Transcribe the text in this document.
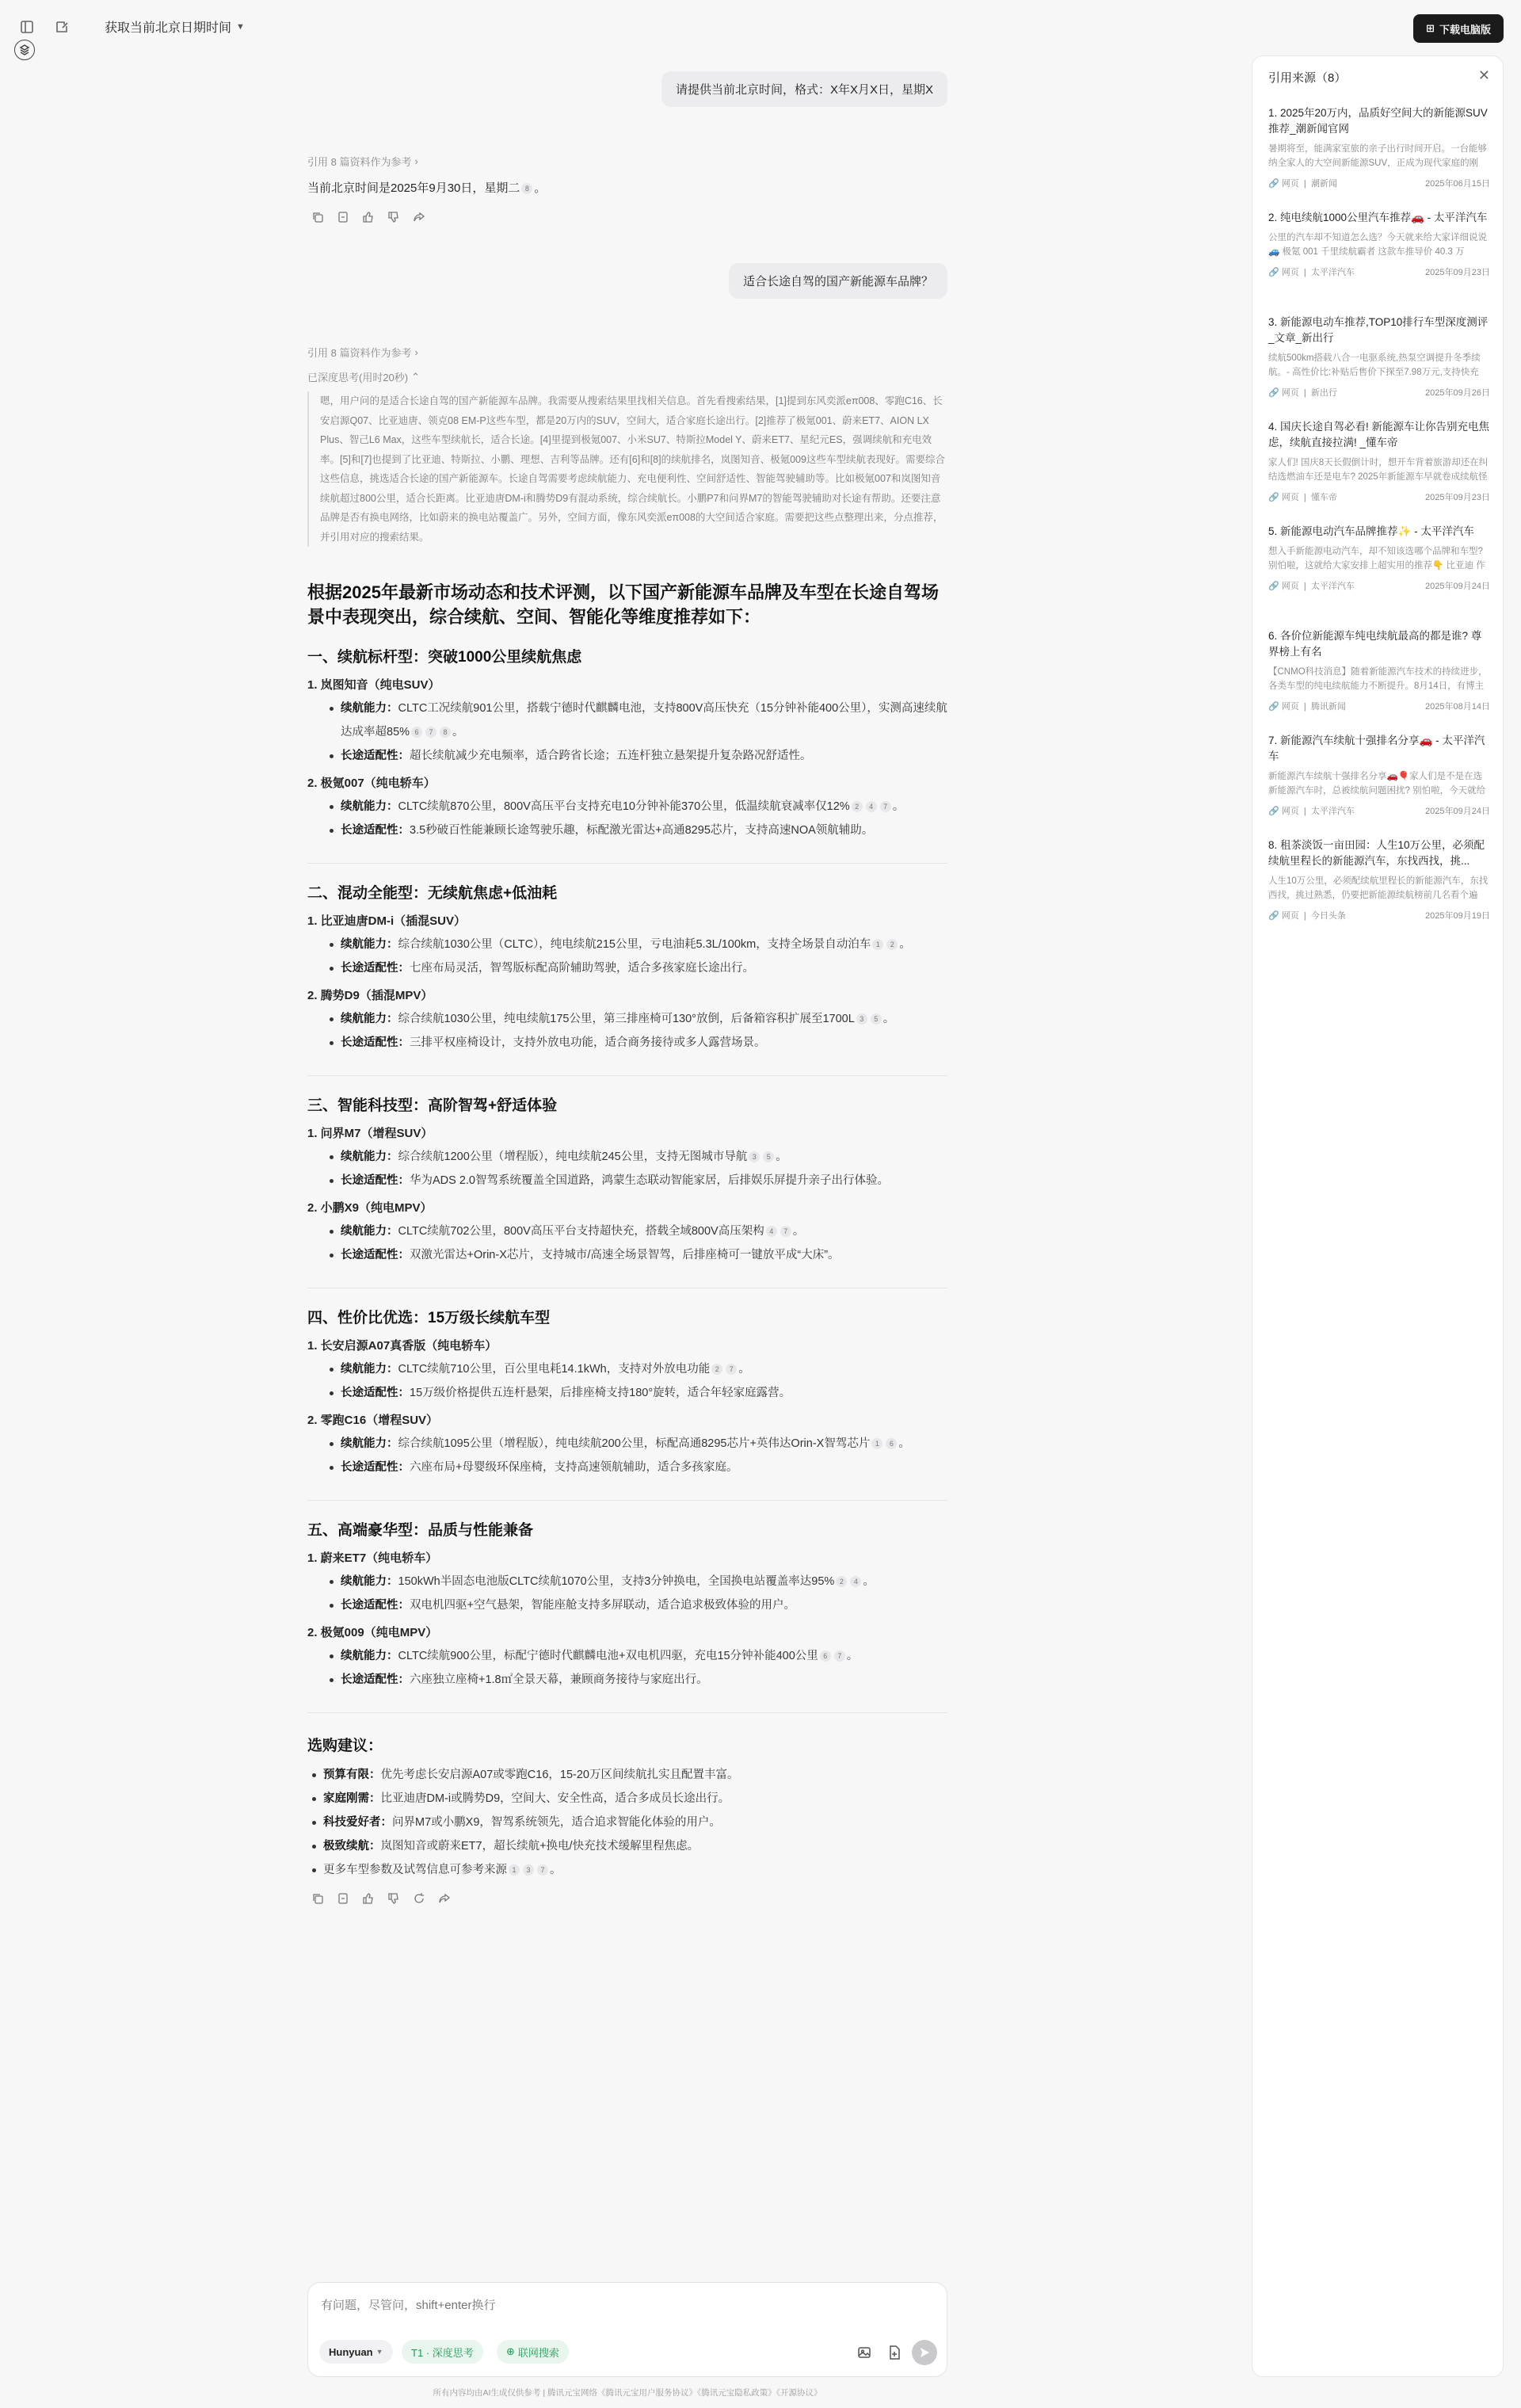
获取当前北京日期时间 ▼	⊞ 下载电脑版
请提供当前北京时间，格式：X年X月X日，星期X
引用 8 篇资料作为参考 ›
当前北京时间是2025年9月30日，星期二 8 。
适合长途自驾的国产新能源车品牌？
引用 8 篇资料作为参考 ›
已深度思考(用时20秒) ⌃
嗯，用户问的是适合长途自驾的国产新能源车品牌。我需要从搜索结果里找相关信息。首先看搜索结果，[1]提到东风奕派eπ008、零跑C16、长安启源Q07、比亚迪唐、领克08 EM-P这些车型，都是20万内的SUV，空间大，适合家庭长途出行。[2]推荐了极氪001、蔚来ET7、AION LX Plus、智己L6 Max，这些车型续航长，适合长途。[4]里提到极氪007、小米SU7、特斯拉Model Y、蔚来ET7、星纪元ES，强调续航和充电效率。[5]和[7]也提到了比亚迪、特斯拉、小鹏、理想、吉利等品牌。还有[6]和[8]的续航排名，岚图知音、极氪009这些车型续航表现好。需要综合这些信息，挑选适合长途的国产新能源车。长途自驾需要考虑续航能力、充电便利性、空间舒适性、智能驾驶辅助等。比如极氪007和岚图知音续航超过800公里，适合长距离。比亚迪唐DM-i和腾势D9有混动系统，综合续航长。小鹏P7和问界M7的智能驾驶辅助对长途有帮助。还要注意品牌是否有换电网络，比如蔚来的换电站覆盖广。另外，空间方面，像东风奕派eπ008的大空间适合家庭。需要把这些点整理出来，分点推荐，并引用对应的搜索结果。
根据2025年最新市场动态和技术评测，以下国产新能源车品牌及车型在长途自驾场景中表现突出，综合续航、空间、智能化等维度推荐如下：
一、续航标杆型：突破1000公里续航焦虑
1. 岚图知音（纯电SUV）
续航能力：CLTC工况续航901公里，搭载宁德时代麒麟电池，支持800V高压快充（15分钟补能400公里），实测高速续航达成率超85% 6 7 8 。
长途适配性：超长续航减少充电频率，适合跨省长途；五连杆独立悬架提升复杂路况舒适性。
2. 极氪007（纯电轿车）
续航能力：CLTC续航870公里，800V高压平台支持充电10分钟补能370公里，低温续航衰减率仅12% 2 4 7 。
长途适配性：3.5秒破百性能兼顾长途驾驶乐趣，标配激光雷达+高通8295芯片，支持高速NOA领航辅助。
二、混动全能型：无续航焦虑+低油耗
1. 比亚迪唐DM-i（插混SUV）
续航能力：综合续航1030公里（CLTC），纯电续航215公里，亏电油耗5.3L/100km，支持全场景自动泊车 1 2 。
长途适配性：七座布局灵活，智驾版标配高阶辅助驾驶，适合多孩家庭长途出行。
2. 腾势D9（插混MPV）
续航能力：综合续航1030公里，纯电续航175公里，第三排座椅可130°放倒，后备箱容积扩展至1700L 3 5 。
长途适配性：三排平权座椅设计，支持外放电功能，适合商务接待或多人露营场景。
三、智能科技型：高阶智驾+舒适体验
1. 问界M7（增程SUV）
续航能力：综合续航1200公里（增程版），纯电续航245公里，支持无图城市导航 3 5 。
长途适配性：华为ADS 2.0智驾系统覆盖全国道路，鸿蒙生态联动智能家居，后排娱乐屏提升亲子出行体验。
2. 小鹏X9（纯电MPV）
续航能力：CLTC续航702公里，800V高压平台支持超快充，搭载全域800V高压架构 4 7 。
长途适配性：双激光雷达+Orin-X芯片，支持城市/高速全场景智驾，后排座椅可一键放平成“大床”。
四、性价比优选：15万级长续航车型
1. 长安启源A07真香版（纯电轿车）
续航能力：CLTC续航710公里，百公里电耗14.1kWh，支持对外放电功能 2 7 。
长途适配性：15万级价格提供五连杆悬架，后排座椅支持180°旋转，适合年轻家庭露营。
2. 零跑C16（增程SUV）
续航能力：综合续航1095公里（增程版），纯电续航200公里，标配高通8295芯片+英伟达Orin-X智驾芯片 1 6 。
长途适配性：六座布局+母婴级环保座椅，支持高速领航辅助，适合多孩家庭。
五、高端豪华型：品质与性能兼备
1. 蔚来ET7（纯电轿车）
续航能力：150kWh半固态电池版CLTC续航1070公里，支持3分钟换电，全国换电站覆盖率达95% 2 4 。
长途适配性：双电机四驱+空气悬架，智能座舱支持多屏联动，适合追求极致体验的用户。
2. 极氪009（纯电MPV）
续航能力：CLTC续航900公里，标配宁德时代麒麟电池+双电机四驱，充电15分钟补能400公里 6 7 。
长途适配性：六座独立座椅+1.8㎡全景天幕，兼顾商务接待与家庭出行。
选购建议：
预算有限：优先考虑长安启源A07或零跑C16，15-20万区间续航扎实且配置丰富。
家庭刚需：比亚迪唐DM-i或腾势D9，空间大、安全性高，适合多成员长途出行。
科技爱好者：问界M7或小鹏X9，智驾系统领先，适合追求智能化体验的用户。
极致续航：岚图知音或蔚来ET7，超长续航+换电/快充技术缓解里程焦虑。
更多车型参数及试驾信息可参考来源 1 3 7 。
引用来源（8）	✕
1. 2025年20万内，品质好空间大的新能源SUV推荐_潮新闻官网
暑期将至，能满家室旅的亲子出行时间开启。一台能够纳全家人的大空间新能源SUV，正成为现代家庭的刚
🔗 网页  |  潮新闻	2025年06月15日
2. 纯电续航1000公里汽车推荐🚗 - 太平洋汽车
公里的汽车却不知道怎么选？今天就来给大家详细说说🚙 极氪 001 千里续航霸者 这款车推导价 40.3 万
🔗 网页  |  太平洋汽车	2025年09月23日
3. 新能源电动车推荐,TOP10排行车型深度测评_文章_新出行
续航500km搭载八合一电驱系统,热泵空调提升冬季续航。- 高性价比:补贴后售价下探至7.98万元,支持快充
🔗 网页  |  新出行	2025年09月26日
4. 国庆长途自驾必看! 新能源车让你告别充电焦虑，续航直接拉满! _懂车帝
家人们! 国庆8天长假倒计时，想开车背着旅游却还在纠结选燃油车还是电车? 2025年新能源车早就卷成续航怪
🔗 网页  |  懂车帝	2025年09月23日
5. 新能源电动汽车品牌推荐✨ - 太平洋汽车
想入手新能源电动汽车，却不知该选哪个品牌和车型? 别怕啦，这就给大家安排上超实用的推荐👇 比亚迪 作
🔗 网页  |  太平洋汽车	2025年09月24日
6. 各价位新能源车纯电续航最高的都是谁? 尊界榜上有名
【CNMO科技消息】随着新能源汽车技术的持续进步，各类车型的纯电续航能力不断提升。8月14日，有博主
🔗 网页  |  腾讯新闻	2025年08月14日
7. 新能源汽车续航十强排名分享🚗 - 太平洋汽车
新能源汽车续航十强排名分享🚗🎈家人们是不是在选新能源汽车时，总被续航问题困扰? 别怕啦，今天就给
🔗 网页  |  太平洋汽车	2025年09月24日
8. 租茶淡饭一亩田园：人生10万公里，必须配续航里程长的新能源汽车，东找西找，挑...
人生10万公里，必须配续航里程长的新能源汽车，东找西找，挑过熟悉，仍要把新能源续航榜前几名看个遍
🔗 网页  |  今日头条	2025年09月19日
有问题，尽管问，shift+enter换行
Hunyuan ▼	T1 · 深度思考	⊕ 联网搜索
所有内容均由AI生成仅供参考 | 腾讯元宝网络《腾讯元宝用户服务协议》《腾讯元宝隐私政策》《开源协议》
